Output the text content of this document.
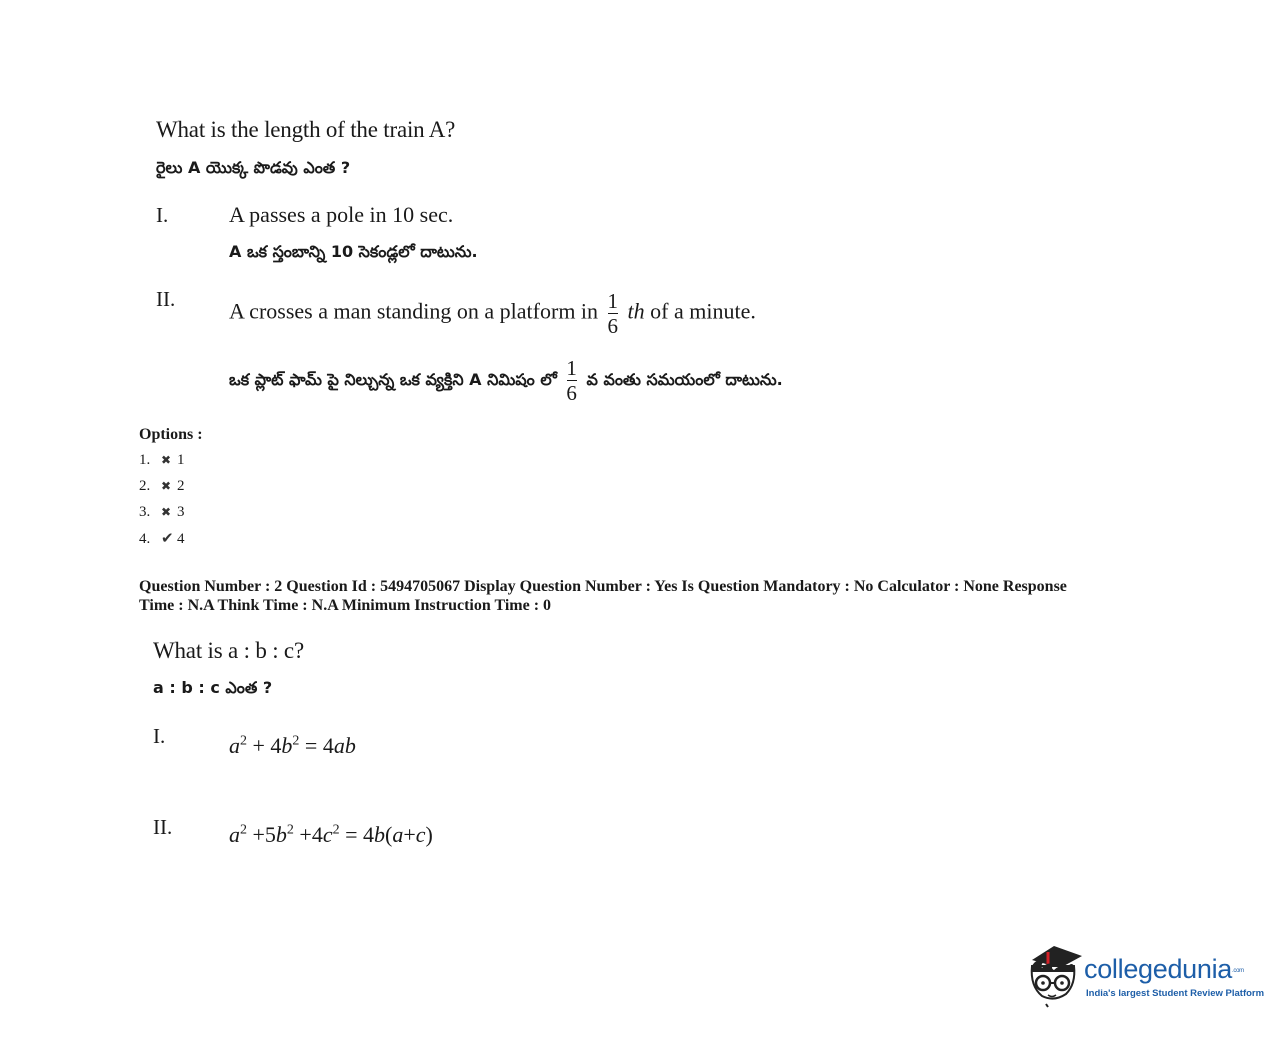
What is the length of the train A?
రైలు A యొక్క పొడవు ఎంత ?
I.	A passes a pole in 10 sec.
A ఒక స్తంబాన్ని 10 సెకండ్లలో దాటును.
II. A crosses a man standing on a platform in $\frac{1}{6}$ th of a minute.
ఒక ప్లాట్ ఫామ్ పై నిల్చున్న ఒక వ్యక్తిని A నిమిషం లో $\frac{1}{6}$ వ వంతు సమయంలో దాటును.
Options :
1. ✖ 1
2. ✖ 2
3. ✖ 3
4. ✔ 4
Question Number : 2 Question Id : 5494705067 Display Question Number : Yes Is Question Mandatory : No Calculator : None Response
Time : N.A Think Time : N.A Minimum Instruction Time : 0
What is a : b : c?
a : b : c ఎంత ?
I.	$a^2 + 4b^2 = 4ab$
II.	$a^2 +5b^2 +4c^2 = 4b(a+c)$
collegedunia.com
India's largest Student Review Platform
